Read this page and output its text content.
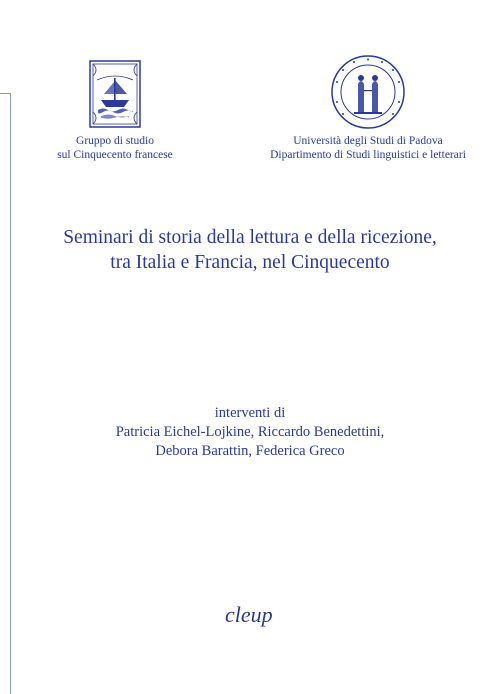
Gruppo di studio
sul Cinquecento francese
Università degli Studi di Padova
Dipartimento di Studi linguistici e letterari
Seminari di storia della lettura e della ricezione,
tra Italia e Francia, nel Cinquecento
interventi di
Patricia Eichel-Lojkine, Riccardo Benedettini,
Debora Barattin, Federica Greco
cleup
